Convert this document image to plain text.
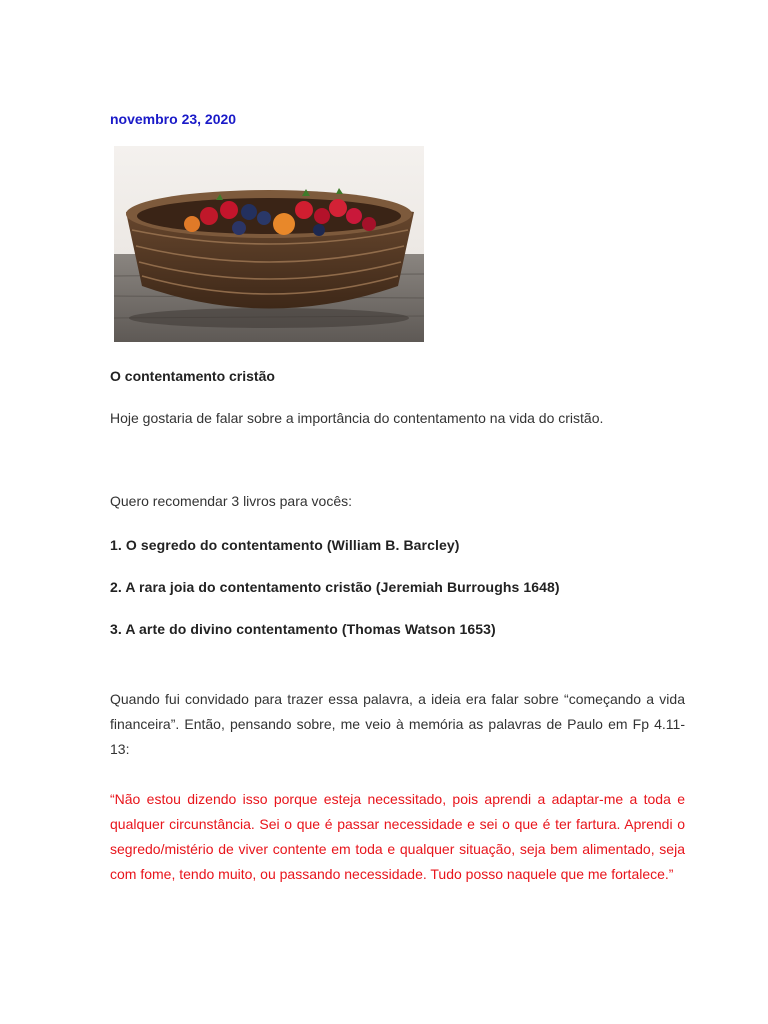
novembro 23, 2020
O contentamento cristão
Hoje gostaria de falar sobre a importância do contentamento na vida do cristão.
Quero recomendar 3 livros para vocês:
1. O segredo do contentamento (William B. Barcley)
2. A rara joia do contentamento cristão (Jeremiah Burroughs 1648)
3. A arte do divino contentamento (Thomas Watson 1653)
Quando fui convidado para trazer essa palavra, a ideia era falar sobre “começando a vida financeira”. Então, pensando sobre, me veio à memória as palavras de Paulo em Fp 4.11-13:
“Não estou dizendo isso porque esteja necessitado, pois aprendi a adaptar-me a toda e qualquer circunstância. Sei o que é passar necessidade e sei o que é ter fartura. Aprendi o segredo/mistério de viver contente em toda e qualquer situação, seja bem alimentado, seja com fome, tendo muito, ou passando necessidade. Tudo posso naquele que me fortalece.”
